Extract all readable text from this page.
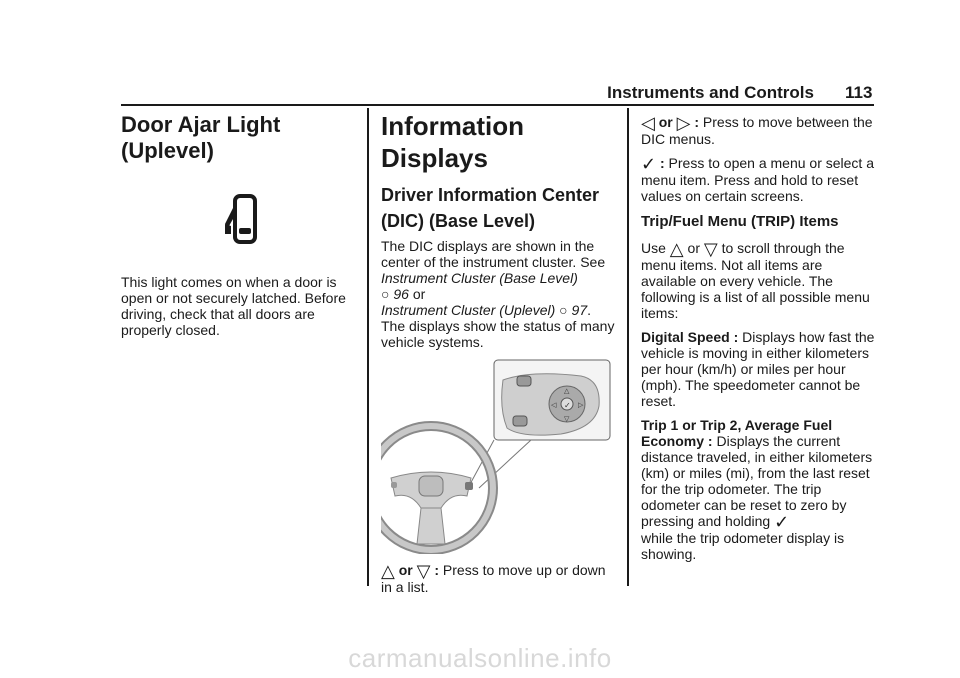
Instruments and Controls 113
Door Ajar Light (Uplevel)

This light comes on when a door is open or not securely latched. Before driving, check that all doors are properly closed.

Information Displays
Driver Information Center (DIC) (Base Level)

The DIC displays are shown in the center of the instrument cluster. See Instrument Cluster (Base Level)
○ 96 or
Instrument Cluster (Uplevel) ○ 97.
The displays show the status of many vehicle systems.

✓
△
▽
◁	▷

△ or ▽ : Press to move up or down in a list.

◁ or ▷ : Press to move between the DIC menus.

✓ : Press to open a menu or select a menu item. Press and hold to reset values on certain screens.

Trip/Fuel Menu (TRIP) Items

Use △ or ▽ to scroll through the menu items. Not all items are available on every vehicle. The following is a list of all possible menu items:

Digital Speed : Displays how fast the vehicle is moving in either kilometers per hour (km/h) or miles per hour (mph). The speedometer cannot be reset.

Trip 1 or Trip 2, Average Fuel Economy : Displays the current distance traveled, in either kilometers (km) or miles (mi), from the last reset for the trip odometer. The trip odometer can be reset to zero by pressing and holding ✓
while the trip odometer display is
showing.

carmanualsonline.info
